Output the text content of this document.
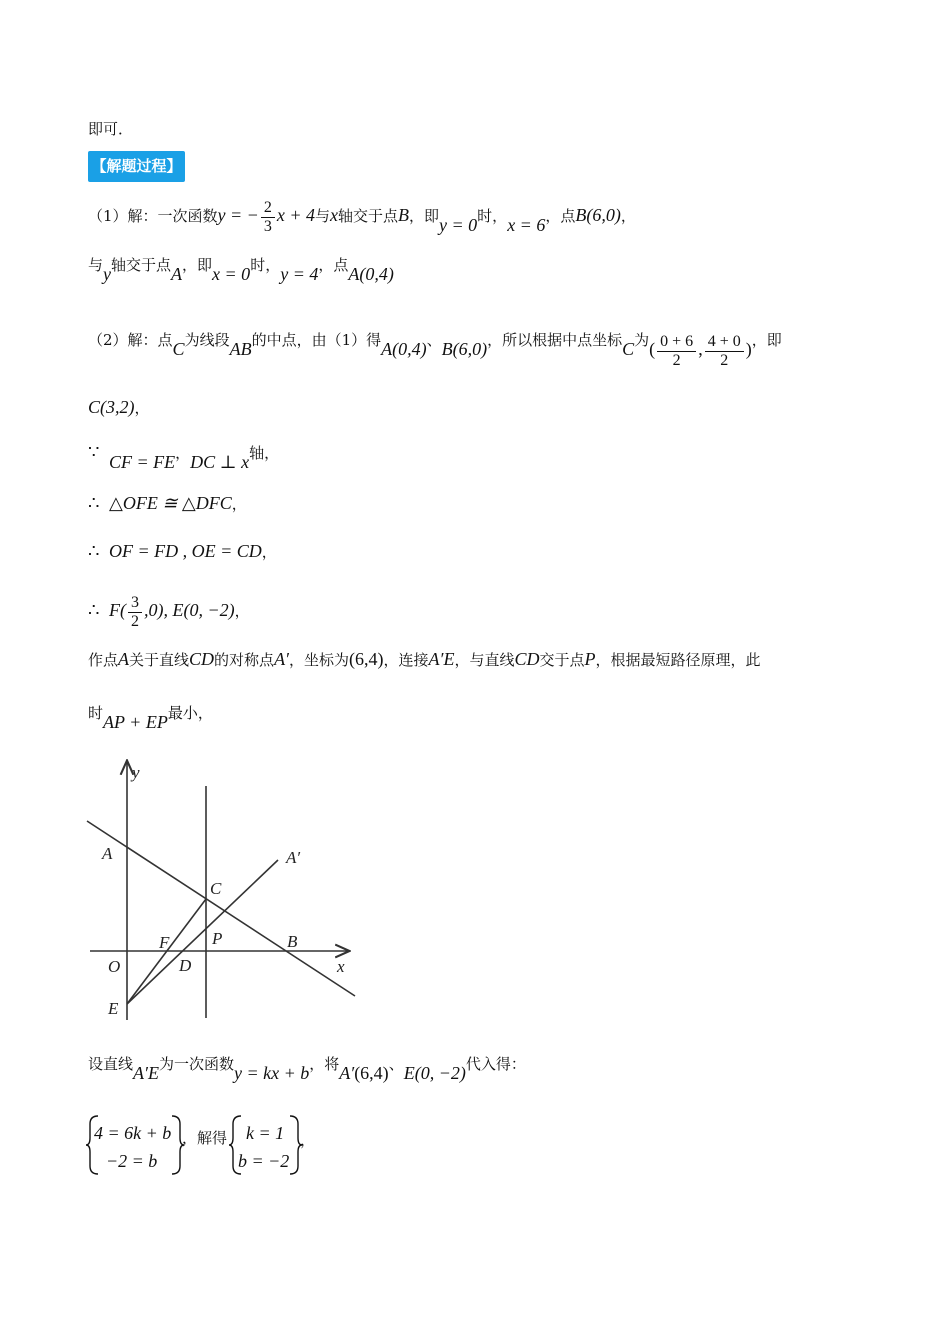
即可．
【解题过程】
（1）解：一次函数y = − $\frac{2}{3}$ x + 4与x轴交于点B，即y = 0时，x = 6，点B(6,0)，
与y轴交于点A，即x = 0时，y = 4，点A(0,4)
（2）解：点C为线段AB的中点，由（1）得A(0,4)、B(6,0)，所以根据中点坐标C为( $\frac{0 + 6}{2}$ , $\frac{4 + 0}{2}$ )，即
C(3,2)，
∵ CF = FE，DC ⊥ x轴，
∴ △OFE ≅ △DFC，
∴ OF = FD , OE = CD，
∴ $F( \frac{3}{2} ,0)$, E(0, −2)，
作点A关于直线CD的对称点A′，坐标为(6,4)，连接A′E，与直线CD交于点P，根据最短路径原理，此
时AP + EP最小，
y
x
A	A′
C
F	P	B
O	D
E
设直线A′E为一次函数y = kx + b，将A′(6,4)、E(0, −2)代入得：
4 = 6k + b
−2 = b
，解得 k = 1
b = −2
，
